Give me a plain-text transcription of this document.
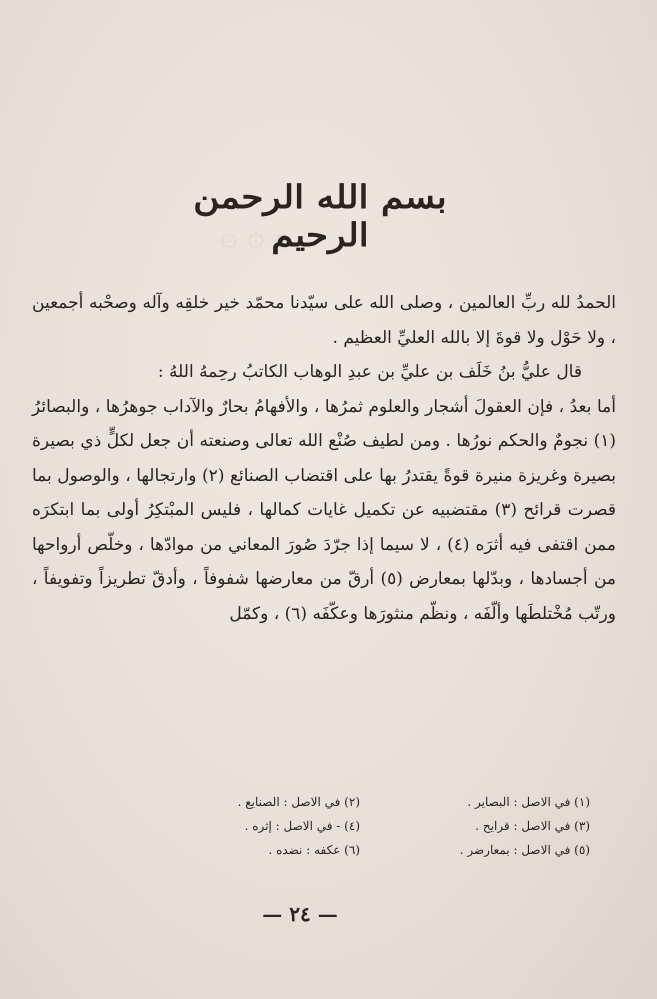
۞ ۞ ۞
بسم الله الرحمن الرحيم

الحمدُ لله ربِّ العالمين ، وصلى الله على سيّدنا محمّد خير خلقِه وآله وصحْبه أجمعين ، ولا حَوْل ولا قوةَ إلا بالله العليِّ العظيم .

قال عليُّ بنُ خَلَف بن عليِّ بن عبدِ الوهاب الكاتبُ رحِمهُ اللهُ :

أما بعدُ ، فإن العقولَ أشجار والعلوم ثمرُها ، والأفهامُ بحارٌ والآداب جوهرُها ، والبصائرُ (١) نجومٌ والحكم نورُها . ومن لطيف صُنْع الله تعالى وصنعته أن جعل لكلٍّ ذي بصيرة بصيرة وغريزة منيرة قوةً يقتدرُ بها على اقتضاب الصنائع (٢) وارتجالها ، والوصول بما قصرت قرائح (٣) مقتضبيه عن تكميل غايات كمالها ، فليس المبْتكِرُ أولى بما ابتكرَه ممن اقتفى فيه أثرَه (٤) ، لا سيما إذا جرّدَ صُورَ المعاني من موادّها ، وخلّص أرواحها من أجسادها ، وبدّلها بمعارض (٥) أرقّ من معارضها شفوفاً ، وأدقّ تطريزاً وتفويفاً ، ورتّب مُخْتلطَها وألّفَه ، ونظّم منثورَها وعكّفَه (٦) ، وكمّل

(١) في الاصل : البصاير .
(٢) في الاصل : الصنايع .
(٣) في الاصل : قرايح .
(٤) - في الاصل : إثره .
(٥) في الاصل : بمعارضر .
(٦) عكفه : نضده .
— ٢٤ —
